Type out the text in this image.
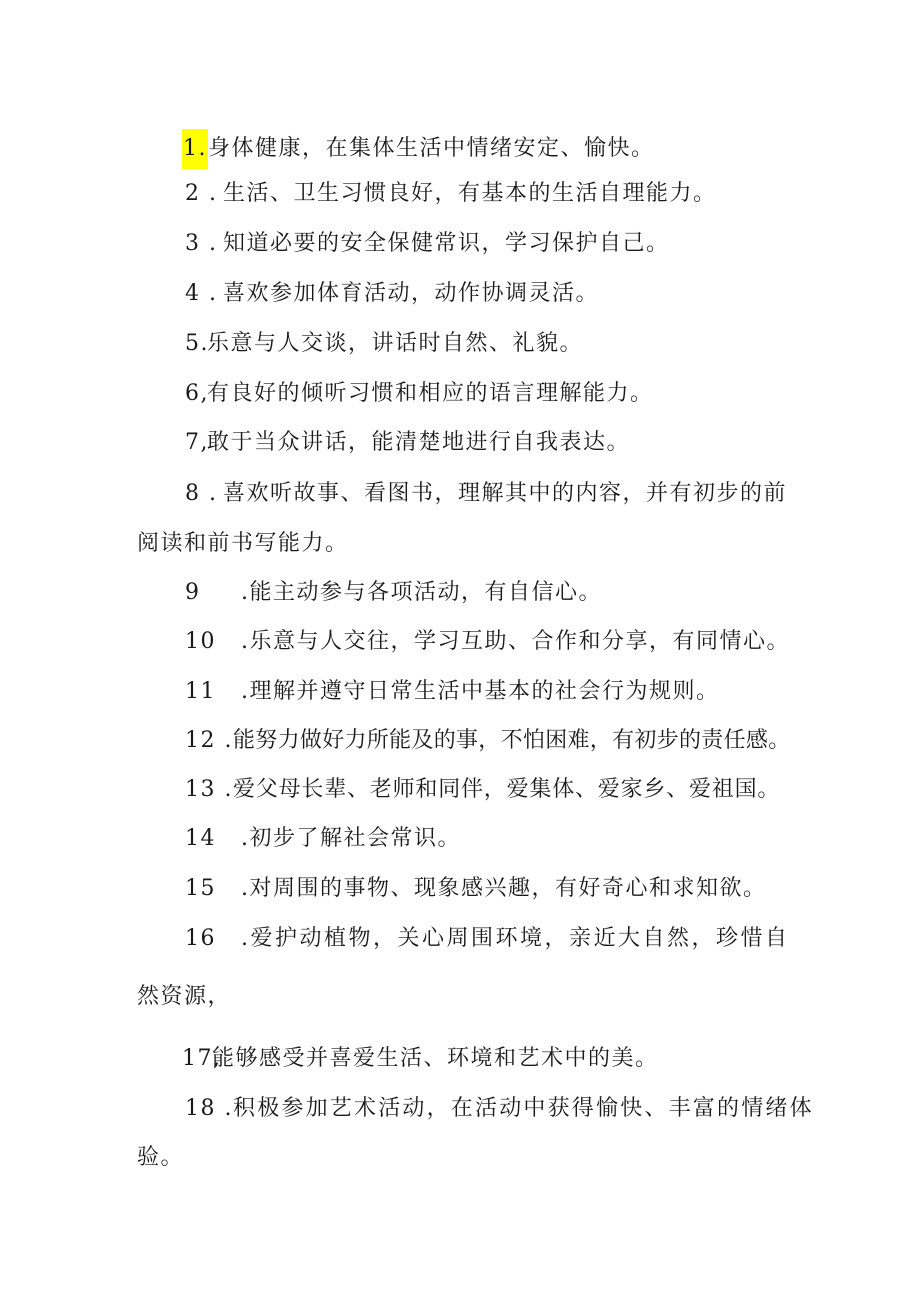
1.身体健康，在集体生活中情绪安定、愉快。
2 . 生活、卫生习惯良好，有基本的生活自理能力。
3 . 知道必要的安全保健常识，学习保护自己。
4 . 喜欢参加体育活动，动作协调灵活。
5.乐意与人交谈，讲话时自然、礼貌。
6,有良好的倾听习惯和相应的语言理解能力。
7,敢于当众讲话，能清楚地进行自我表达。
8 . 喜欢听故事、看图书，理解其中的内容，并有初步的前
阅读和前书写能力。
9 .能主动参与各项活动，有自信心。
10 .乐意与人交往，学习互助、合作和分享，有同情心。
11 .理解并遵守日常生活中基本的社会行为规则。
12 .能努力做好力所能及的事，不怕困难，有初步的责任感。
13 .爱父母长辈、老师和同伴，爱集体、爱家乡、爱祖国。
14 .初步了解社会常识。
15 .对周围的事物、现象感兴趣，有好奇心和求知欲。
16 .爱护动植物，关心周围环境，亲近大自然，珍惜自
然资源，
17,能够感受并喜爱生活、环境和艺术中的美。
18 .积极参加艺术活动，在活动中获得愉快、丰富的情绪体
验。
